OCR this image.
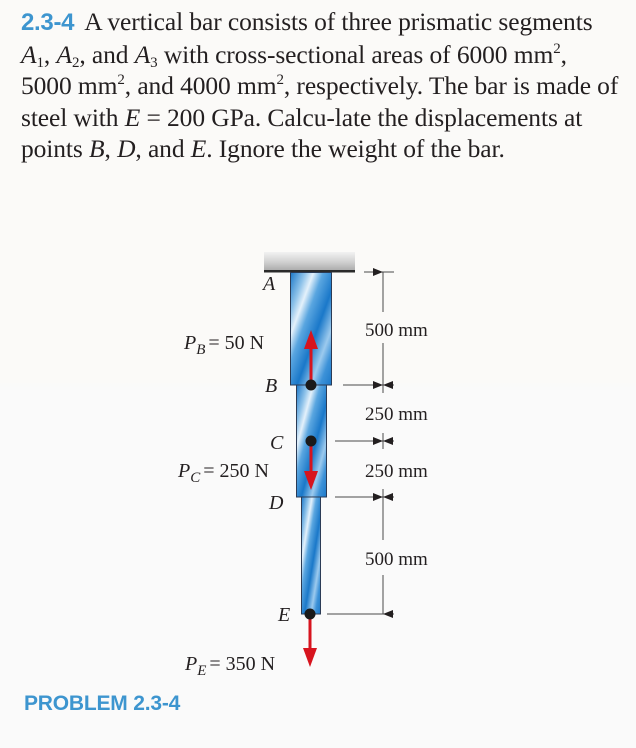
2.3-4 A vertical bar consists of three prismatic segments $A_1$, $A_2$, and $A_3$ with cross-sectional areas of 6000 $mm^2$, 5000 $mm^2$, and 4000 $mm^2$, respectively. The bar is made of steel with E = 200 GPa. Calcu-late the displacements at points B, D, and E. Ignore the weight of the bar.
500 mm
250 mm
250 mm
500 mm
A
B
C
D
E
$P_B = 50$ N
$P_C = 250$ N
$P_E = 350$ N
PROBLEM 2.3-4
